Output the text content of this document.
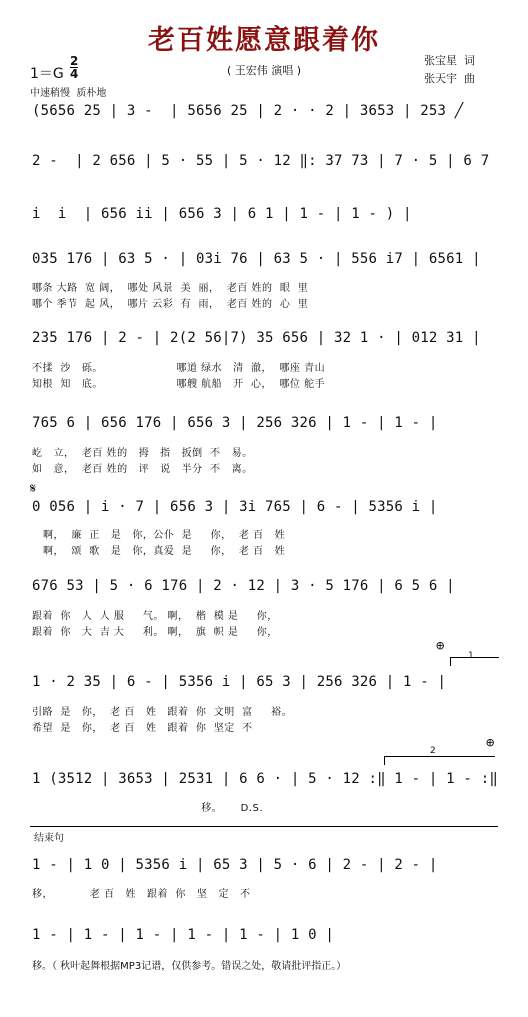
老百姓愿意跟着你
( 王宏伟 演唱 )
张宝星  词
张天宇  曲
$1=G \frac{2}{4}$
中速稍慢  质朴地
(5656 25 | 3 -  | 5656 25 | 2 · · 2 | 3653 | 253 ╱
2 -  | 2 656 | 5 · 55 | 5 · 12 ‖: 37 73 | 7 · 5 | 6 7
i  i  | 656 ii | 656 3 | 6 1 | 1 - | 1 - ) |
035 176 | 63 5 · | 03i 76 | 63 5 · | 556 i7 | 6561 |
哪条 大路  宽 阔，  哪处 风景  美  丽，  老百 姓的  眼  里
哪个 季节  起 风，  哪片 云彩  有  雨，  老百 姓的  心  里
235 176 | 2 - | 2(2 56|7) 35 656 | 32 1 · | 012 31 |
不揉  沙   砾。                    哪道 绿水   清  澈，  哪座 青山
知根  知   底。                    哪艘 航船   开  心，  哪位 舵手
765 6 | 656 176 | 656 3 | 256 326 | 1 - | 1 - |
屹   立，  老百 姓的   拇   指   扳倒  不   易。
如   意，  老百 姓的   评   说   半分  不   离。
𝄋
0 056 | i · 7 | 656 3 | 3i 765 | 6 - | 5356 i |
啊，  廉  正   是   你，公仆  是     你，  老 百   姓
啊，  颂  歌   是   你，真爱  是     你，  老 百   姓
676 53 | 5 · 6 176 | 2 · 12 | 3 · 5 176 | 6 5 6 |
跟着  你   人  人 服     气。 啊，  楷  模 是     你，
跟着  你   大  吉 大     利。 啊，  旗  帜 是     你，
⊕
1
1 · 2 35 | 6 - | 5356 i | 65 3 | 256 326 | 1 - |
引路  是   你，  老 百   姓   跟着  你  文明  富     裕。
希望  是   你，  老 百   姓   跟着  你  坚定  不
⊕
2
1 (3512 | 3653 | 2531 | 6 6 · | 5 · 12 :‖ 1 - | 1 - :‖
移。     D.S.
结束句
1 - | 1 0 | 5356 i | 65 3 | 5 · 6 | 2 - | 2 - |
移，          老 百   姓   跟着  你   坚   定   不
1 - | 1 - | 1 - | 1 - | 1 - | 1 0 |
移。（ 秋叶起舞根据MP3记谱，仅供参考。错误之处，敬请批评指正。）
